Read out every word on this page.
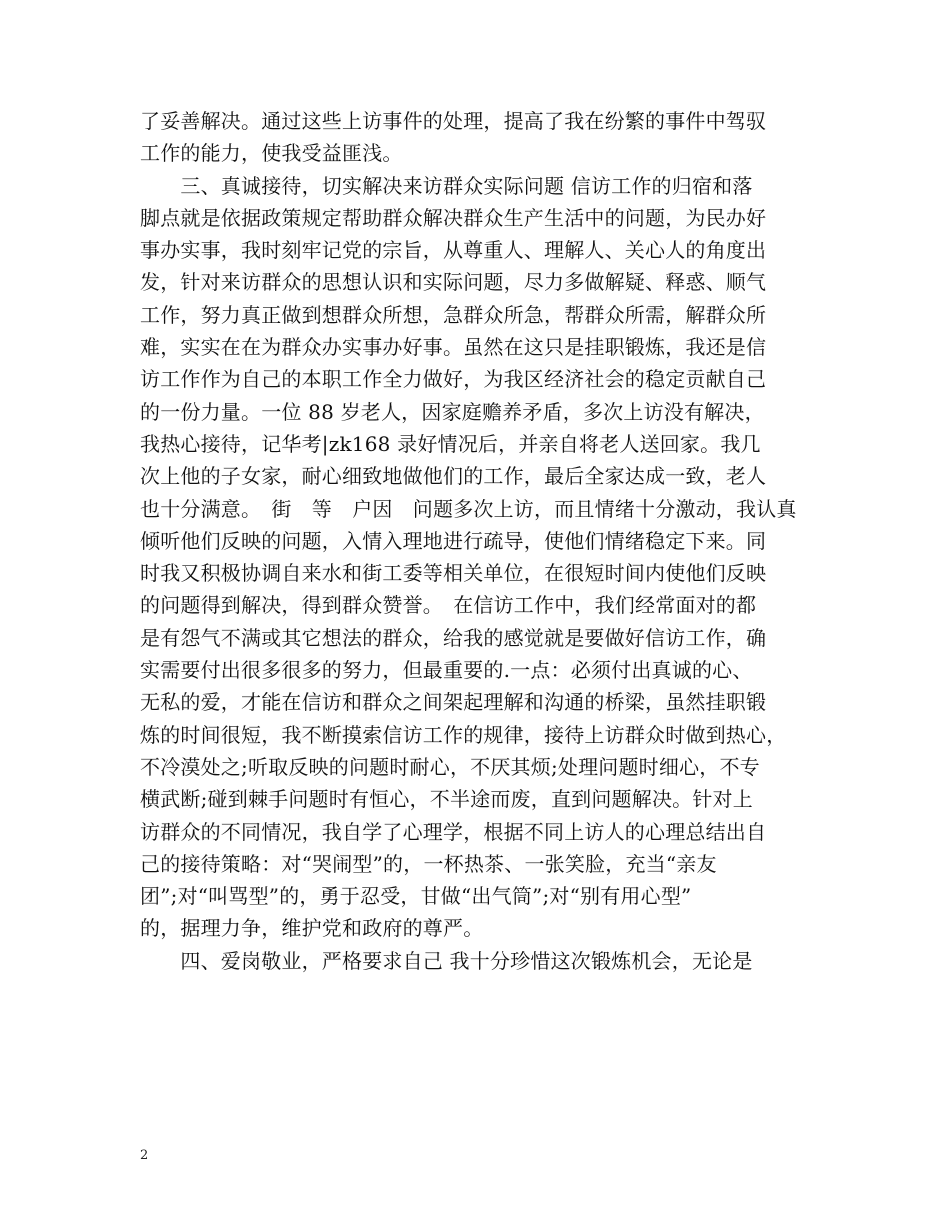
了妥善解决。通过这些上访事件的处理，提高了我在纷繁的事件中驾驭
工作的能力，使我受益匪浅。
　　三、真诚接待，切实解决来访群众实际问题 信访工作的归宿和落
脚点就是依据政策规定帮助群众解决群众生产生活中的问题，为民办好
事办实事，我时刻牢记党的宗旨，从尊重人、理解人、关心人的角度出
发，针对来访群众的思想认识和实际问题，尽力多做解疑、释惑、顺气
工作，努力真正做到想群众所想，急群众所急，帮群众所需，解群众所
难，实实在在为群众办实事办好事。虽然在这只是挂职锻炼，我还是信
访工作作为自己的本职工作全力做好，为我区经济社会的稳定贡献自己
的一份力量。一位 88 岁老人，因家庭赡养矛盾，多次上访没有解决，
我热心接待，记华考|zk168 录好情况后，并亲自将老人送回家。我几
次上他的子女家，耐心细致地做他们的工作，最后全家达成一致，老人
也十分满意。　街　等　户因　问题多次上访，而且情绪十分激动，我认真
倾听他们反映的问题，入情入理地进行疏导，使他们情绪稳定下来。同
时我又积极协调自来水和街工委等相关单位，在很短时间内使他们反映
的问题得到解决，得到群众赞誉。　在信访工作中，我们经常面对的都
是有怨气不满或其它想法的群众，给我的感觉就是要做好信访工作，确
实需要付出很多很多的努力，但最重要的.一点：必须付出真诚的心、
无私的爱，才能在信访和群众之间架起理解和沟通的桥梁，虽然挂职锻
炼的时间很短，我不断摸索信访工作的规律，接待上访群众时做到热心，
不冷漠处之;听取反映的问题时耐心，不厌其烦;处理问题时细心，不专
横武断;碰到棘手问题时有恒心，不半途而废，直到问题解决。针对上
访群众的不同情况，我自学了心理学，根据不同上访人的心理总结出自
己的接待策略：对“哭闹型”的，一杯热茶、一张笑脸，充当“亲友
团”;对“叫骂型”的，勇于忍受，甘做“出气筒”;对“别有用心型”
的，据理力争，维护党和政府的尊严。
　　四、爱岗敬业，严格要求自己 我十分珍惜这次锻炼机会，无论是
2
